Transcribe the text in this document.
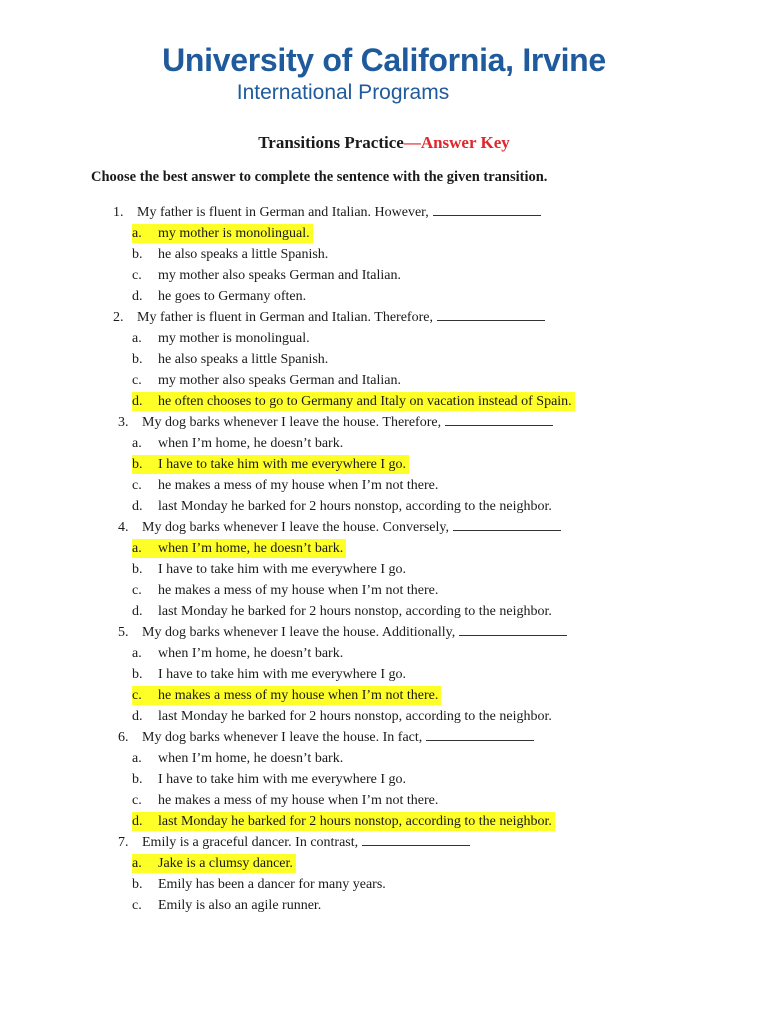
University of California, Irvine
International Programs
Transitions Practice—Answer Key
Choose the best answer to complete the sentence with the given transition.
1. My father is fluent in German and Italian. However,
a.	my mother is monolingual.
b.	he also speaks a little Spanish.
c.	my mother also speaks German and Italian.
d.	he goes to Germany often.
2. My father is fluent in German and Italian. Therefore,
a.	my mother is monolingual.
b.	he also speaks a little Spanish.
c.	my mother also speaks German and Italian.
d.	he often chooses to go to Germany and Italy on vacation instead of Spain.
3. My dog barks whenever I leave the house. Therefore,
a.	when I’m home, he doesn’t bark.
b.	I have to take him with me everywhere I go.
c.	he makes a mess of my house when I’m not there.
d.	last Monday he barked for 2 hours nonstop, according to the neighbor.
4. My dog barks whenever I leave the house. Conversely,
a.	when I’m home, he doesn’t bark.
b.	I have to take him with me everywhere I go.
c.	he makes a mess of my house when I’m not there.
d.	last Monday he barked for 2 hours nonstop, according to the neighbor.
5. My dog barks whenever I leave the house. Additionally,
a.	when I’m home, he doesn’t bark.
b.	I have to take him with me everywhere I go.
c.	he makes a mess of my house when I’m not there.
d.	last Monday he barked for 2 hours nonstop, according to the neighbor.
6. My dog barks whenever I leave the house. In fact,
a.	when I’m home, he doesn’t bark.
b.	I have to take him with me everywhere I go.
c.	he makes a mess of my house when I’m not there.
d.	last Monday he barked for 2 hours nonstop, according to the neighbor.
7. Emily is a graceful dancer. In contrast,
a.	Jake is a clumsy dancer.
b.	Emily has been a dancer for many years.
c.	Emily is also an agile runner.
